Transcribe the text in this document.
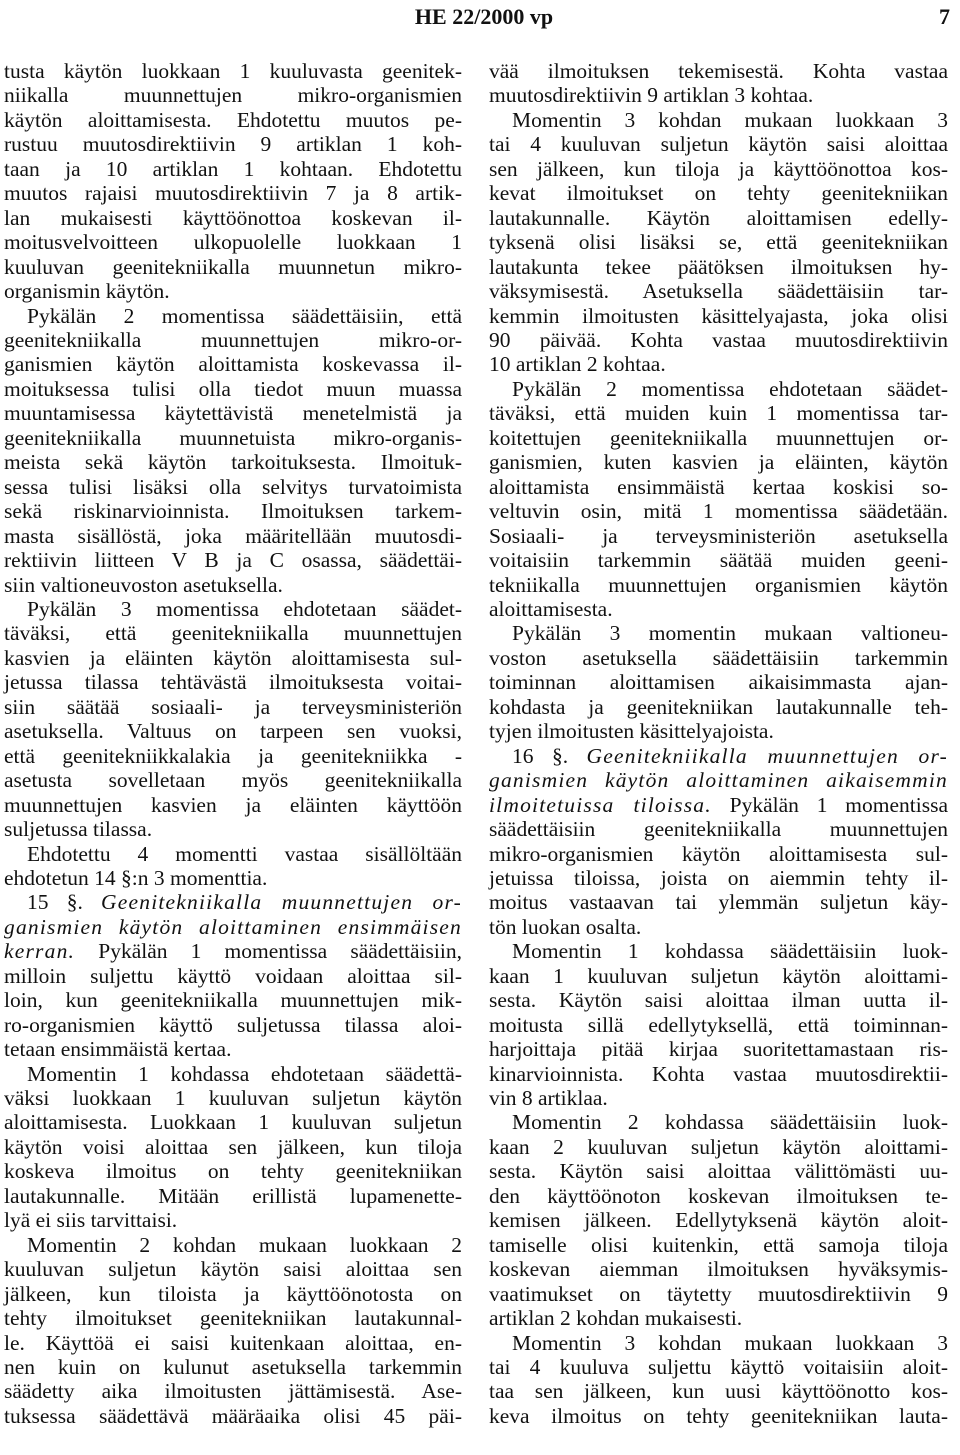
HE 22/2000 vp	7
tusta käytön luokkaan 1 kuuluvasta geenitek-
niikalla muunnettujen mikro-organismien
käytön aloittamisesta. Ehdotettu muutos pe-
rustuu muutosdirektiivin 9 artiklan 1 koh-
taan ja 10 artiklan 1 kohtaan. Ehdotettu
muutos rajaisi muutosdirektiivin 7 ja 8 artik-
lan mukaisesti käyttöönottoa koskevan il-
moitusvelvoitteen ulkopuolelle luokkaan 1
kuuluvan geenitekniikalla muunnetun mikro-
organismin käytön.
Pykälän 2 momentissa säädettäisiin, että
geenitekniikalla muunnettujen mikro-or-
ganismien käytön aloittamista koskevassa il-
moituksessa tulisi olla tiedot muun muassa
muuntamisessa käytettävistä menetelmistä ja
geenitekniikalla muunnetuista mikro-organis-
meista sekä käytön tarkoituksesta. Ilmoituk-
sessa tulisi lisäksi olla selvitys turvatoimista
sekä riskinarvioinnista. Ilmoituksen tarkem-
masta sisällöstä, joka määritellään muutosdi-
rektiivin liitteen V B ja C osassa, säädettäi-
siin valtioneuvoston asetuksella.
Pykälän 3 momentissa ehdotetaan säädet-
täväksi, että geenitekniikalla muunnettujen
kasvien ja eläinten käytön aloittamisesta sul-
jetussa tilassa tehtävästä ilmoituksesta voitai-
siin säätää sosiaali- ja terveysministeriön
asetuksella. Valtuus on tarpeen sen vuoksi,
että geenitekniikkalakia ja geenitekniikka -
asetusta sovelletaan myös geenitekniikalla
muunnettujen kasvien ja eläinten käyttöön
suljetussa tilassa.
Ehdotettu 4 momentti vastaa sisällöltään
ehdotetun 14 §:n 3 momenttia.
15 §. Geenitekniikalla muunnettujen or-
ganismien käytön aloittaminen ensimmäisen
kerran. Pykälän 1 momentissa säädettäisiin,
milloin suljettu käyttö voidaan aloittaa sil-
loin, kun geenitekniikalla muunnettujen mik-
ro-organismien käyttö suljetussa tilassa aloi-
tetaan ensimmäistä kertaa.
Momentin 1 kohdassa ehdotetaan säädettä-
väksi luokkaan 1 kuuluvan suljetun käytön
aloittamisesta. Luokkaan 1 kuuluvan suljetun
käytön voisi aloittaa sen jälkeen, kun tiloja
koskeva ilmoitus on tehty geenitekniikan
lautakunnalle. Mitään erillistä lupamenette-
lyä ei siis tarvittaisi.
Momentin 2 kohdan mukaan luokkaan 2
kuuluvan suljetun käytön saisi aloittaa sen
jälkeen, kun tiloista ja käyttöönotosta on
tehty ilmoitukset geenitekniikan lautakunnal-
le. Käyttöä ei saisi kuitenkaan aloittaa, en-
nen kuin on kulunut asetuksella tarkemmin
säädetty aika ilmoitusten jättämisestä. Ase-
tuksessa säädettävä määräaika olisi 45 päi-
vää ilmoituksen tekemisestä. Kohta vastaa
muutosdirektiivin 9 artiklan 3 kohtaa.
Momentin 3 kohdan mukaan luokkaan 3
tai 4 kuuluvan suljetun käytön saisi aloittaa
sen jälkeen, kun tiloja ja käyttöönottoa kos-
kevat ilmoitukset on tehty geenitekniikan
lautakunnalle. Käytön aloittamisen edelly-
tyksenä olisi lisäksi se, että geenitekniikan
lautakunta tekee päätöksen ilmoituksen hy-
väksymisestä. Asetuksella säädettäisiin tar-
kemmin ilmoitusten käsittelyajasta, joka olisi
90 päivää. Kohta vastaa muutosdirektiivin
10 artiklan 2 kohtaa.
Pykälän 2 momentissa ehdotetaan säädet-
täväksi, että muiden kuin 1 momentissa tar-
koitettujen geenitekniikalla muunnettujen or-
ganismien, kuten kasvien ja eläinten, käytön
aloittamista ensimmäistä kertaa koskisi so-
veltuvin osin, mitä 1 momentissa säädetään.
Sosiaali- ja terveysministeriön asetuksella
voitaisiin tarkemmin säätää muiden geeni-
tekniikalla muunnettujen organismien käytön
aloittamisesta.
Pykälän 3 momentin mukaan valtioneu-
voston asetuksella säädettäisiin tarkemmin
toiminnan aloittamisen aikaisimmasta ajan-
kohdasta ja geenitekniikan lautakunnalle teh-
tyjen ilmoitusten käsittelyajoista.
16 §. Geenitekniikalla muunnettujen or-
ganismien käytön aloittaminen aikaisemmin
ilmoitetuissa tiloissa. Pykälän 1 momentissa
säädettäisiin geenitekniikalla muunnettujen
mikro-organismien käytön aloittamisesta sul-
jetuissa tiloissa, joista on aiemmin tehty il-
moitus vastaavan tai ylemmän suljetun käy-
tön luokan osalta.
Momentin 1 kohdassa säädettäisiin luok-
kaan 1 kuuluvan suljetun käytön aloittami-
sesta. Käytön saisi aloittaa ilman uutta il-
moitusta sillä edellytyksellä, että toiminnan-
harjoittaja pitää kirjaa suoritettamastaan ris-
kinarvioinnista. Kohta vastaa muutosdirektii-
vin 8 artiklaa.
Momentin 2 kohdassa säädettäisiin luok-
kaan 2 kuuluvan suljetun käytön aloittami-
sesta. Käytön saisi aloittaa välittömästi uu-
den käyttöönoton koskevan ilmoituksen te-
kemisen jälkeen. Edellytyksenä käytön aloit-
tamiselle olisi kuitenkin, että samoja tiloja
koskevan aiemman ilmoituksen hyväksymis-
vaatimukset on täytetty muutosdirektiivin 9
artiklan 2 kohdan mukaisesti.
Momentin 3 kohdan mukaan luokkaan 3
tai 4 kuuluva suljettu käyttö voitaisiin aloit-
taa sen jälkeen, kun uusi käyttöönotto kos-
keva ilmoitus on tehty geenitekniikan lauta-
